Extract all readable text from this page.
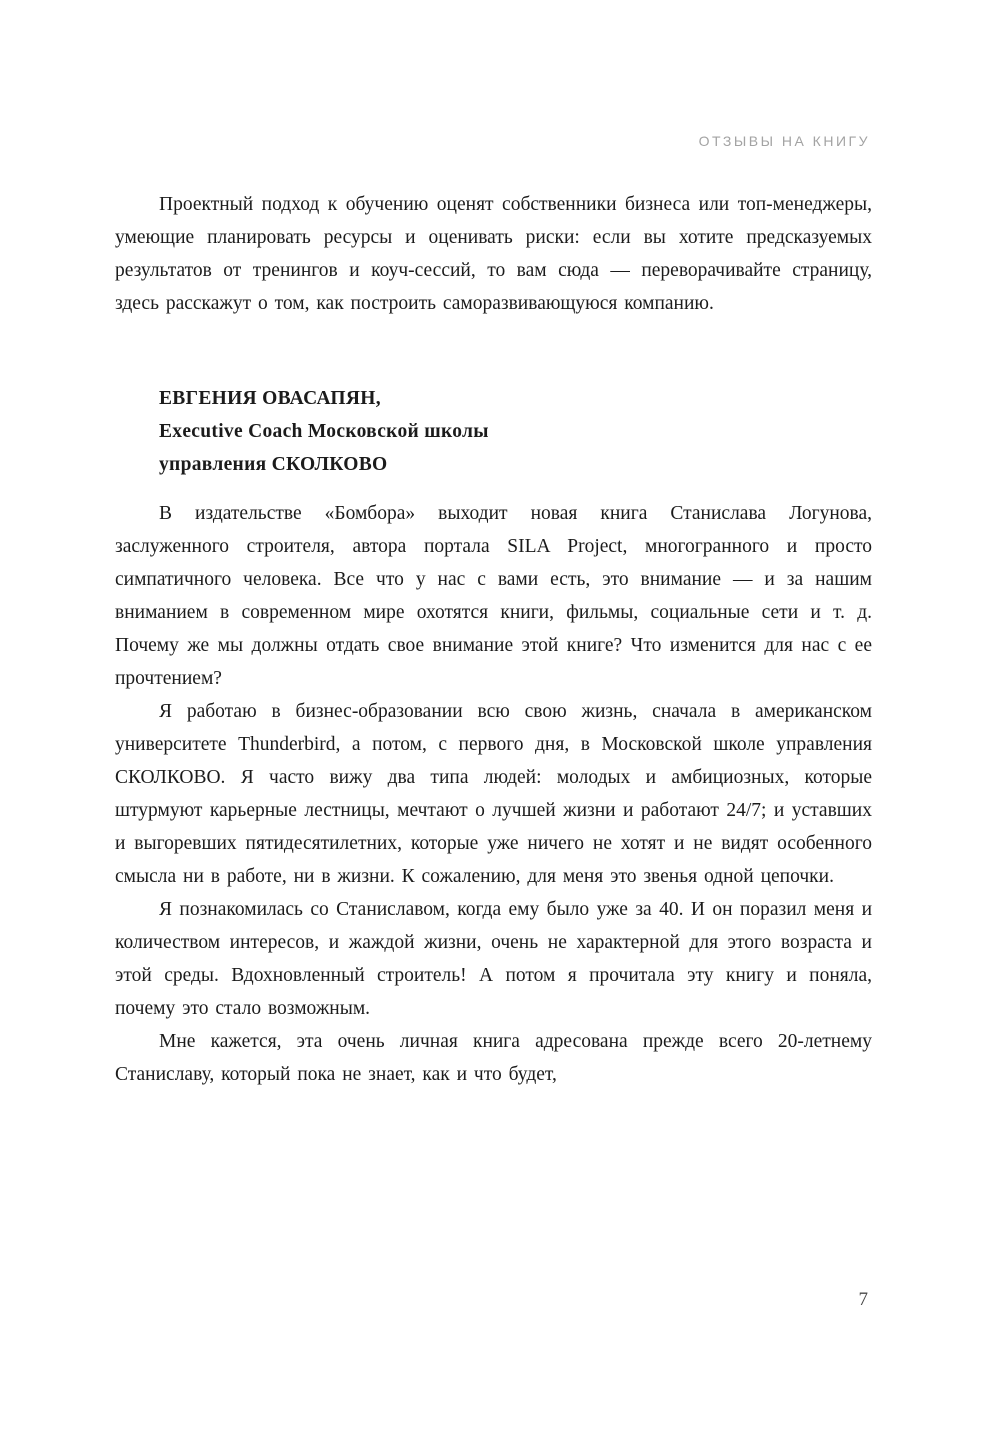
ОТЗЫВЫ НА КНИГУ

Проектный подход к обучению оценят собственники бизнеса или топ-менеджеры, умеющие планировать ресурсы и оценивать риски: если вы хотите предсказуемых результатов от тренингов и коуч-сессий, то вам сюда — переворачивайте страницу, здесь расскажут о том, как построить саморазвивающуюся компанию.

ЕВГЕНИЯ ОВАСАПЯН,
Executive Coach Московской школы
управления СКОЛКОВО

В издательстве «Бомбора» выходит новая книга Станислава Логунова, заслуженного строителя, автора портала SILA Project, многогранного и просто симпатичного человека. Все что у нас с вами есть, это внимание — и за нашим вниманием в современном мире охотятся книги, фильмы, социальные сети и т. д. Почему же мы должны отдать свое внимание этой книге? Что изменится для нас с ее прочтением?

Я работаю в бизнес-образовании всю свою жизнь, сначала в американском университете Thunderbird, а потом, с первого дня, в Московской школе управления СКОЛКОВО. Я часто вижу два типа людей: молодых и амбициозных, которые штурмуют карьерные лестницы, мечтают о лучшей жизни и работают 24/7; и уставших и выгоревших пятидесятилетних, которые уже ничего не хотят и не видят особенного смысла ни в работе, ни в жизни. К сожалению, для меня это звенья одной цепочки.

Я познакомилась со Станиславом, когда ему было уже за 40. И он поразил меня и количеством интересов, и жаждой жизни, очень не характерной для этого возраста и этой среды. Вдохновленный строитель! А потом я прочитала эту книгу и поняла, почему это стало возможным.

Мне кажется, эта очень личная книга адресована прежде всего 20-летнему Станиславу, который пока не знает, как и что будет,

7
